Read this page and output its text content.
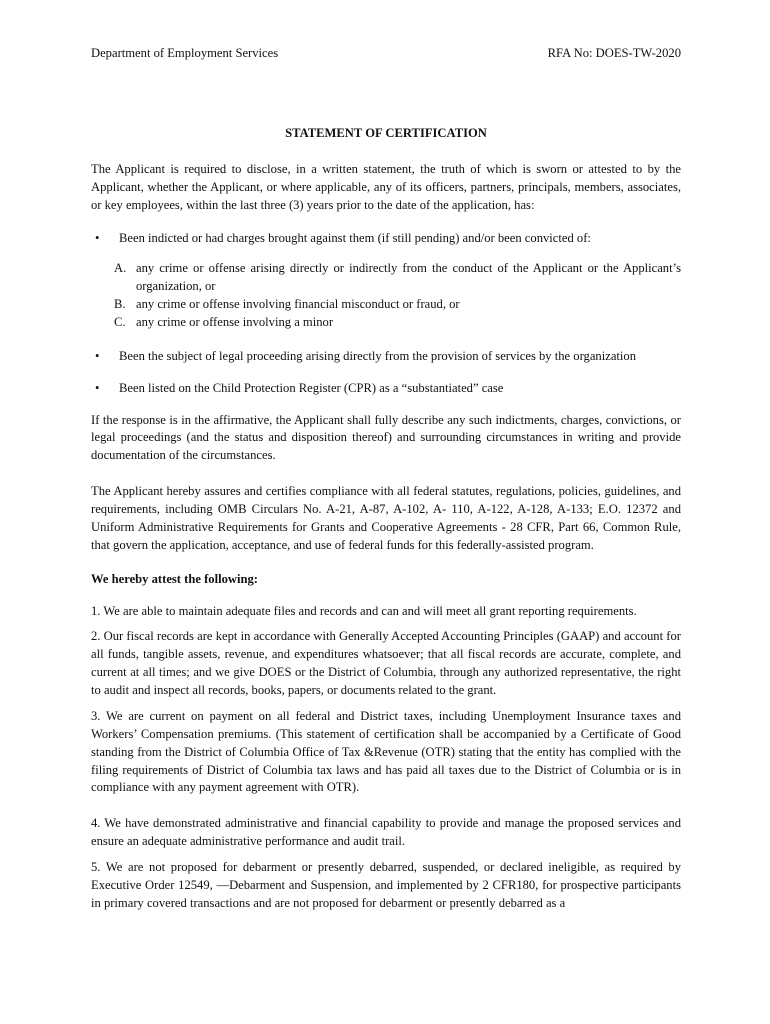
Department of Employment Services	RFA No: DOES-TW-2020
STATEMENT OF CERTIFICATION

The Applicant is required to disclose, in a written statement, the truth of which is sworn or attested to by the Applicant, whether the Applicant, or where applicable, any of its officers, partners, principals, members, associates, or key employees, within the last three (3) years prior to the date of the application, has:

• Been indicted or had charges brought against them (if still pending) and/or been convicted of:
A. any crime or offense arising directly or indirectly from the conduct of the Applicant or the Applicant’s organization, or
B. any crime or offense involving financial misconduct or fraud, or
C. any crime or offense involving a minor
• Been the subject of legal proceeding arising directly from the provision of services by the organization
• Been listed on the Child Protection Register (CPR) as a “substantiated” case

If the response is in the affirmative, the Applicant shall fully describe any such indictments, charges, convictions, or legal proceedings (and the status and disposition thereof) and surrounding circumstances in writing and provide documentation of the circumstances.

The Applicant hereby assures and certifies compliance with all federal statutes, regulations, policies, guidelines, and requirements, including OMB Circulars No. A-21, A-87, A-102, A- 110, A-122, A-128, A-133; E.O. 12372 and Uniform Administrative Requirements for Grants and Cooperative Agreements - 28 CFR, Part 66, Common Rule, that govern the application, acceptance, and use of federal funds for this federally-assisted program.

We hereby attest the following:

1. We are able to maintain adequate files and records and can and will meet all grant reporting requirements.

2. Our fiscal records are kept in accordance with Generally Accepted Accounting Principles (GAAP) and account for all funds, tangible assets, revenue, and expenditures whatsoever; that all fiscal records are accurate, complete, and current at all times; and we give DOES or the District of Columbia, through any authorized representative, the right to audit and inspect all records, books, papers, or documents related to the grant.

3. We are current on payment on all federal and District taxes, including Unemployment Insurance taxes and Workers’ Compensation premiums. (This statement of certification shall be accompanied by a Certificate of Good standing from the District of Columbia Office of Tax &Revenue (OTR) stating that the entity has complied with the filing requirements of District of Columbia tax laws and has paid all taxes due to the District of Columbia or is in compliance with any payment agreement with OTR).

4. We have demonstrated administrative and financial capability to provide and manage the proposed services and ensure an adequate administrative performance and audit trail.

5. We are not proposed for debarment or presently debarred, suspended, or declared ineligible, as required by Executive Order 12549, ―Debarment and Suspension, and implemented by 2 CFR180, for prospective participants in primary covered transactions and are not proposed for debarment or presently debarred as a
